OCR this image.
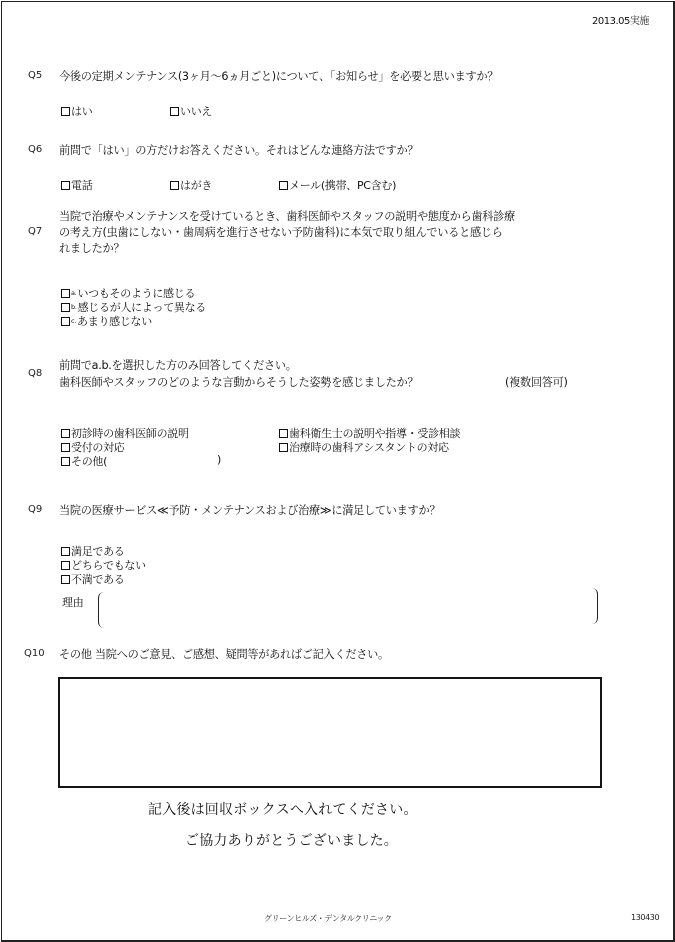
2013.05実施
Q5 今後の定期メンテナンス(3ヶ月～6ヵ月ごと)について、「お知らせ」を必要と思いますか？
はい	いいえ
Q6 前問で「はい」の方だけお答えください。それはどんな連絡方法ですか？
電話	はがき	メール(携帯、PC含む)
Q7
当院で治療やメンテナンスを受けているとき、歯科医師やスタッフの説明や態度から歯科診療
の考え方(虫歯にしない・歯周病を進行させない予防歯科)に本気で取り組んでいると感じら
れましたか？
a. いつもそのように感じる
b. 感じるが人によって異なる
c. あまり感じない
Q8
前問でa.b.を選択した方のみ回答してください。
歯科医師やスタッフのどのような言動からそうした姿勢を感じましたか？	(複数回答可)
初診時の歯科医師の説明	歯科衛生士の説明や指導・受診相談
受付の対応	治療時の歯科アシスタントの対応
その他(	)
Q9 当院の医療サービス≪予防・メンテナンスおよび治療≫に満足していますか？
満足である
どちらでもない
不満である
理由
Q10 その他 当院へのご意見、ご感想、疑問等があればご記入ください。
記入後は回収ボックスへ入れてください。
ご協力ありがとうございました。
グリーンヒルズ・デンタルクリニック	130430
